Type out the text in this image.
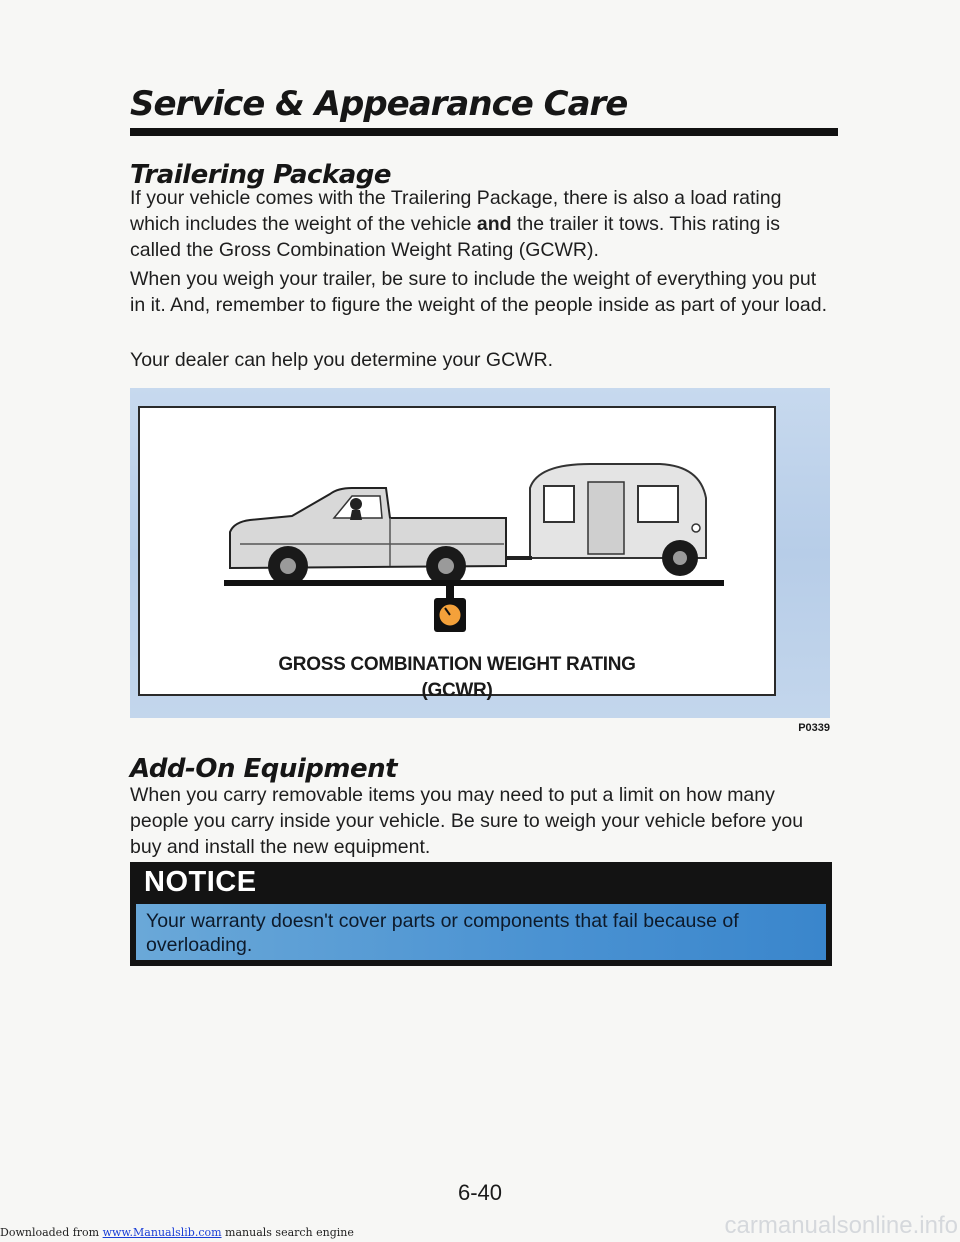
Service & Appearance Care
Trailering Package

If your vehicle comes with the Trailering Package, there is also a load rating which includes the weight of the vehicle and the trailer it tows. This rating is called the Gross Combination Weight Rating (GCWR).

When you weigh your trailer, be sure to include the weight of everything you put in it. And, remember to figure the weight of the people inside as part of your load.

Your dealer can help you determine your GCWR.

GROSS COMBINATION WEIGHT RATING
(GCWR)
P0339
Add-On Equipment

When you carry removable items you may need to put a limit on how many people you carry inside your vehicle. Be sure to weigh your vehicle before you buy and install the new equipment.

NOTICE

Your warranty doesn't cover parts or components that fail because of overloading.

6-40
Downloaded from www.Manualslib.com manuals search engine	carmanualsonline.info
